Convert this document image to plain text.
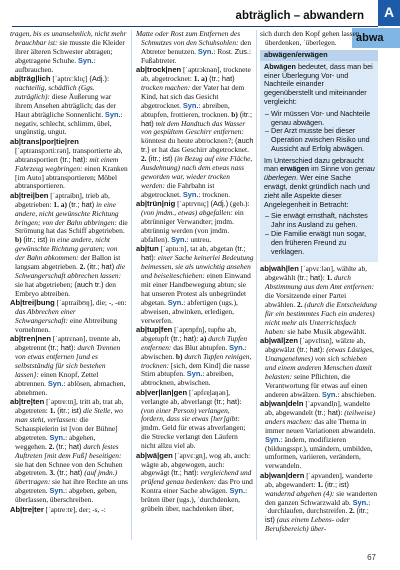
abträglich – abwandern	A
abwa
tragen, bis es unansehnlich, nicht mehr brauchbar ist: sie musste die Kleider ihrer älteren Schwester abtragen; abgetragene Schuhe. Syn.: aufbrauchen.
ab|träg|lich [ˈaptrɛːklɪç] (Adj.): nachteilig, schädlich (Ggs. zuträglich): diese Äußerung war ihrem Ansehen abträglich; das der Haut abträgliche Sonnenlicht. Syn.: negativ, schlecht, schlimm, übel, ungünstig, ungut.
ab|trans|por|tie|ren [ˈaptranspɔrtiːrən], transportierte ab, abtransportiert (tr.; hat): mit einem Fahrzeug wegbringen: einen Kranken [im Auto] abtransportieren; Möbel abtransportieren.
ab|trei|ben [ˈaptraibn̩], trieb ab, abgetrieben: 1. a) (tr.; hat) in eine andere, nicht gewünschte Richtung bringen; von der Bahn abbringen: die Strömung hat das Schiff abgetrieben. b) (itr.; ist) in eine andere, nicht gewünschte Richtung geraten; von der Bahn abkommen: der Ballon ist langsam abgetrieben. 2. (itr.; hat) die Schwangerschaft abbrechen lassen: sie hat abgetrieben; (auch tr.) den Embryo abtreiben.
Ab|trei|bung [ˈaptraibʊŋ], die; -, -en: das Abbrechen einer Schwangerschaft: eine Abtreibung vornehmen.
ab|tren|nen [ˈaptrɛnən], trennte ab, abgetrennt (tr.; hat): durch Trennen von etwas entfernen [und es selbstständig für sich bestehen lassen]: einen Knopf, Zettel abtrennen. Syn.: ablösen, abmachen, abnehmen.
ab|tre|ten [ˈaptreːtn̩], tritt ab, trat ab, abgetreten: 1. (itr.; ist) die Stelle, wo man steht, verlassen: die Schauspielerin ist [von der Bühne] abgetreten. Syn.: abgehen, weggehen. 2. (tr.; hat) durch festes Auftreten [mit dem Fuß] beseitigen: sie hat den Schnee von den Schuhen abgetreten. 3. (tr.; hat) (auf jmdn.) übertragen: sie hat ihre Rechte an uns abgetreten. Syn.: abgeben, geben, überlassen, überschreiben.
Ab|tre|ter [ˈaptreːtɐ], der; -s, -:
Matte oder Rost zum Entfernen des Schmutzes von den Schuhsohlen: den Abtreter benutzen. Syn.: Rost. Zus.: Fußabtreter.
ab|trock|nen [ˈaptrɔknən], trocknete ab, abgetrocknet: 1. a) (tr.; hat) trocken machen: der Vater hat dem Kind, hat sich das Gesicht abgetrocknet. Syn.: abreiben, abtupfen, frottieren, trocknen. b) (itr.; hat) mit dem Handtuch das Wasser von gespültem Geschirr entfernen: könntest du heute abtrocknen?; (auch tr.) er hat das Geschirr abgetrocknet. 2. (itr.; ist) (in Bezug auf eine Fläche, Ausdehnung) nach dem etwas nass geworden war, wieder trocken werden: die Fahrbahn ist abgetrocknet. Syn.: trocknen.
ab|trün|nig [ˈaptrʏnɪç] (Adj.) (geh.): (von jmdm., etwas) abgefallen: ein abtrünniger Verwandter; jmdm. abtrünnig werden (von jmdm. abfallen). Syn.: untreu.
ab|tun [ˈaptuːn], tat ab, abgetan (tr.; hat): einer Sache keinerlei Bedeutung beimessen, sie als unwichtig ansehen und beiseiteschieben: einen Einwand mit einer Handbewegung abtun; sie hat unseren Protest als unbegründet abgetan. Syn.: abfertigen (ugs.), abweisen, abwinken, erledigen, verwerfen.
ab|tup|fen [ˈaptʊpfn̩], tupfte ab, abgetupft (tr.; hat): a) durch Tupfen entfernen: das Blut abtupfen. Syn.: abwischen. b) durch Tupfen reinigen, trocknen: [sich, dem Kind] die nasse Stirn abtupfen. Syn.: abreiben, abtrocknen, abwischen.
ab|ver|lan|gen [ˈapfɛɐ̯laŋən], verlangte ab, abverlangt (tr.; hat): (von einer Person) verlangen, fordern, dass sie etwas [her]gibt: jmdm. Geld für etwas abverlangen; die Strecke verlangt den Läufern nicht allzu viel ab.
ab|wä|gen [ˈapvɛːgn̩], wog ab, auch: wägte ab, abgewogen, auch: abgewägt (tr.; hat): vergleichend und prüfend genau bedenken: das Pro und Kontra einer Sache abwägen. Syn.: brüten über (ugs.), ˈdurchdenken, grübeln über, nachdenken über,
sich durch den Kopf gehen lassen, überdenken, ˈüberlegen.
abwägen/erwägen

Abwägen bedeutet, dass man bei einer Überlegung Vor- und Nachteile einander gegenüberstellt und miteinander vergleicht:

– Wir müssen Vor- und Nachteile genau abwägen.
– Der Arzt musste bei dieser Operation zwischen Risiko und Aussicht auf Erfolg abwägen.

Im Unterschied dazu gebraucht man erwägen im Sinne von genau überlegen. Wer eine Sache erwägt, denkt gründlich nach und zieht alle Aspekte dieser Angelegenheit in Betracht:

– Sie erwägt ernsthaft, nächstes Jahr ins Ausland zu gehen.
– Die Familie erwägt nun sogar, den früheren Freund zu verklagen.
ab|wäh|len [ˈapvɛːlən], wählte ab, abgewählt (tr.; hat): 1. durch Abstimmung aus dem Amt entfernen: die Vorsitzende einer Partei abwählen. 2. (durch die Entscheidung für ein bestimmtes Fach ein anderes) nicht mehr als Unterrichtsfach haben: sie habe Musik abgewählt.
ab|wäl|zen [ˈapvɛltsn̩], wälzte ab, abgewälzt (tr.; hat): (etwas Lästiges, Unangenehmes) von sich schieben und einem anderen Menschen damit belasten: seine Pflichten, die Verantwortung für etwas auf einen anderen abwälzen. Syn.: abschieben.
ab|wan|deln [ˈapvandl̩n], wandelte ab, abgewandelt (tr.; hat): (teilweise) anders machen: das alte Thema in immer neuen Variationen abwandeln. Syn.: ändern, modifizieren (bildungsspr.), umändern, umbilden, umformen, variieren, verändern, verwandeln.
ab|wan|dern [ˈapvandɐn], wanderte ab, abgewandert: 1. (itr.; ist) wandernd abgehen (4): sie wanderten den ganzen Schwarzwald ab. Syn.: ˈdurchlaufen, durchstreifen. 2. (itr.; ist) (aus einem Lebens- oder Berufsbereich) über-
67
